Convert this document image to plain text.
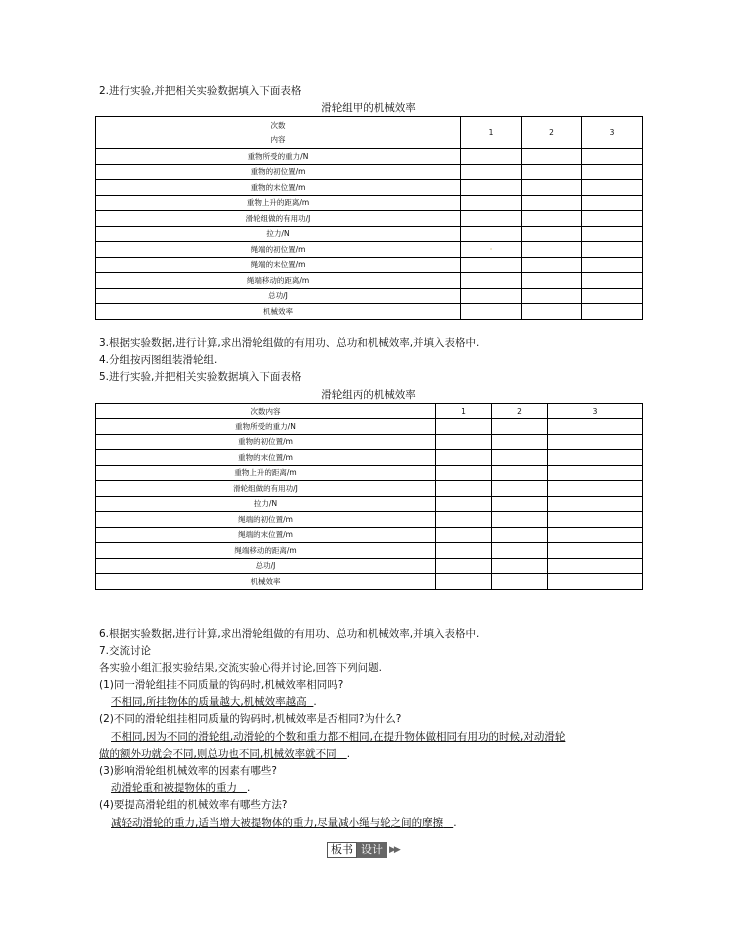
2.进行实验,并把相关实验数据填入下面表格
滑轮组甲的机械效率
次数
内容	1	2	3
重物所受的重力/N			
重物的初位置/m			
重物的末位置/m			
重物上升的距离/m			
滑轮组做的有用功/J			
拉力/N			
绳端的初位置/m	·		
绳端的末位置/m			
绳端移动的距离/m			
总功/J			
机械效率			
3.根据实验数据,进行计算,求出滑轮组做的有用功、总功和机械效率,并填入表格中.
4.分组按丙图组装滑轮组.
5.进行实验,并把相关实验数据填入下面表格
滑轮组丙的机械效率
次数内容	1	2	3
重物所受的重力/N			
重物的初位置/m			
重物的末位置/m			
重物上升的距离/m			
滑轮组做的有用功/J			
拉力/N			
绳端的初位置/m			
绳端的末位置/m			
绳端移动的距离/m			
总功/J			
机械效率			
6.根据实验数据,进行计算,求出滑轮组做的有用功、总功和机械效率,并填入表格中.
7.交流讨论
各实验小组汇报实验结果,交流实验心得并讨论,回答下列问题.
(1)同一滑轮组挂不同质量的钩码时,机械效率相同吗?
不相同,所挂物体的质量越大,机械效率越高 .
(2)不同的滑轮组挂相同质量的钩码时,机械效率是否相同?为什么?
不相同,因为不同的滑轮组,动滑轮的个数和重力都不相同,在提升物体做相同有用功的时候,对动滑轮
做的额外功就会不同,则总功也不同,机械效率就不同 .
(3)影响滑轮组机械效率的因素有哪些?
动滑轮重和被提物体的重力 .
(4)要提高滑轮组的机械效率有哪些方法?
减轻动滑轮的重力,适当增大被提物体的重力,尽量减小绳与轮之间的摩擦 .
板书 设计 ▶▶
